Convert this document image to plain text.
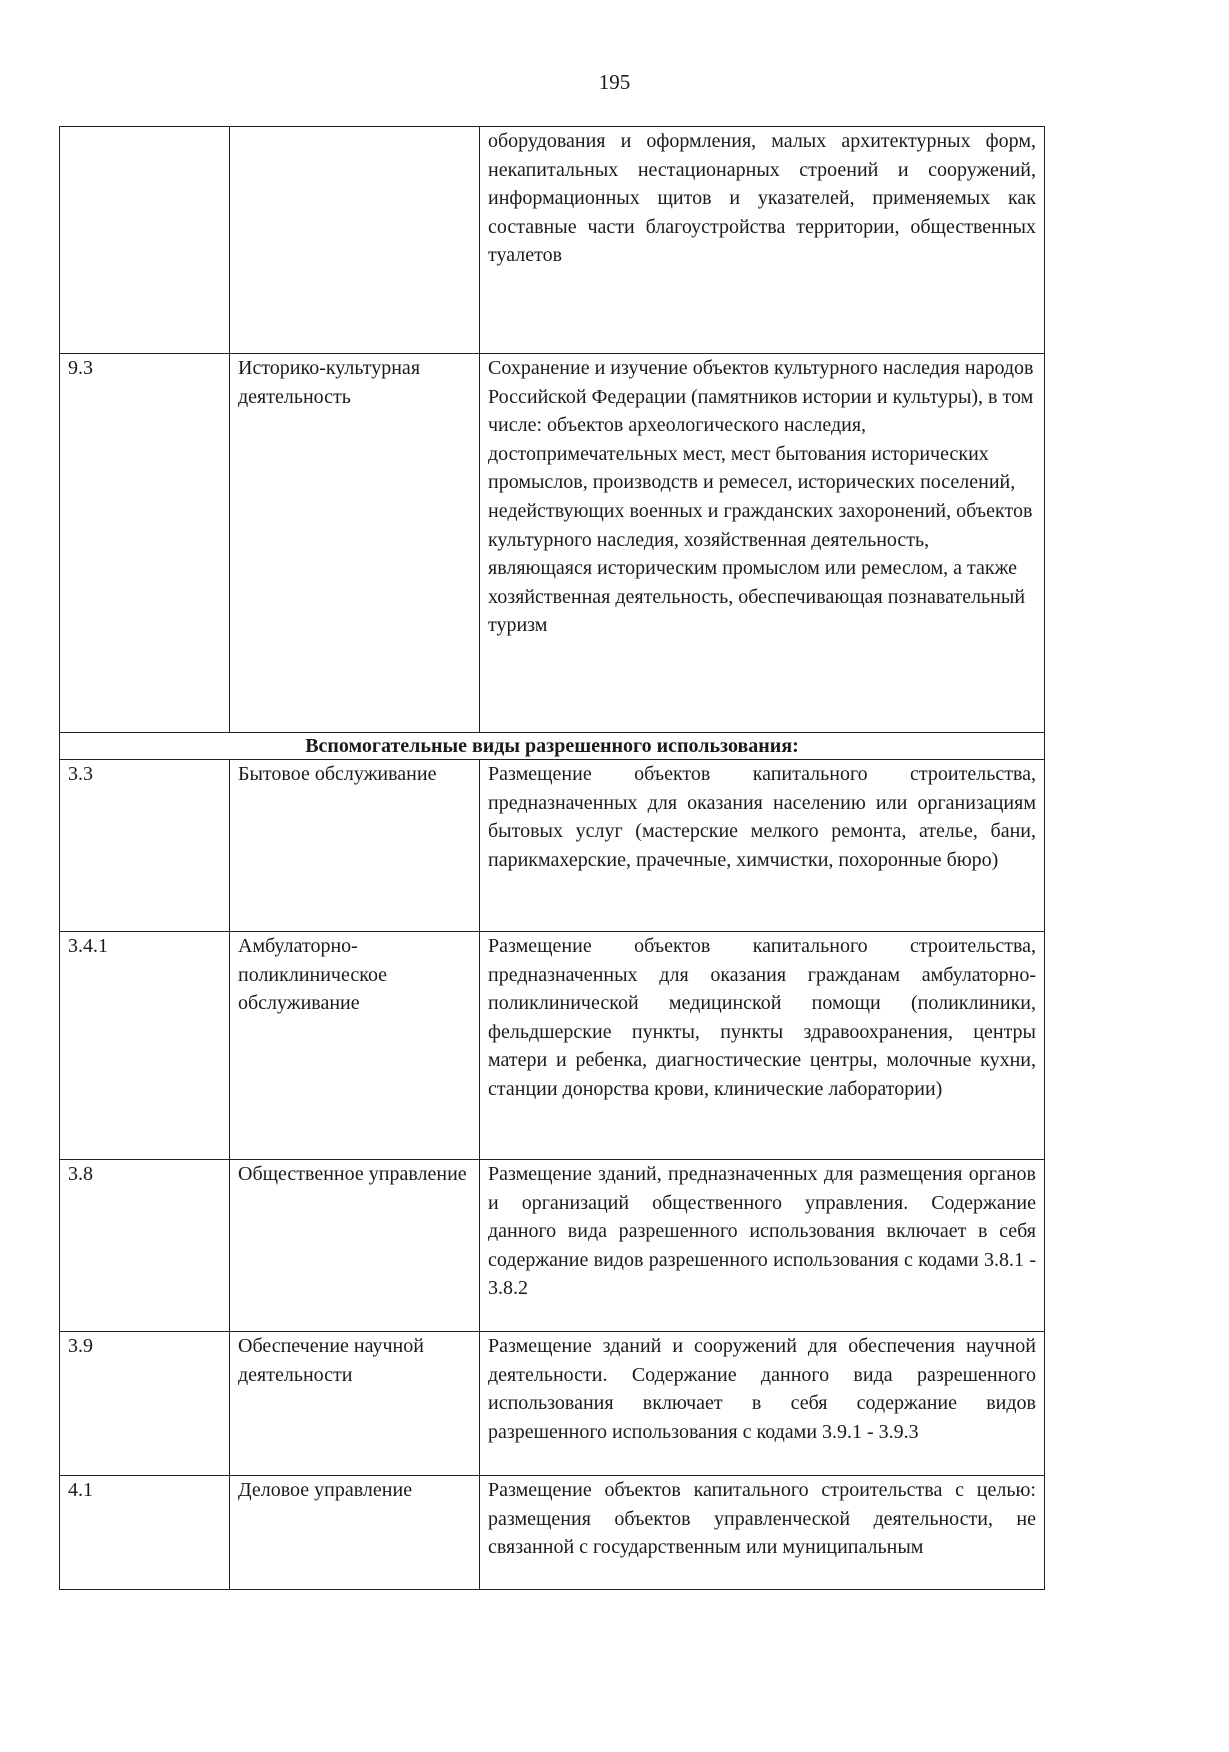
195
		оборудования и оформления, малых архитектурных форм, некапитальных нестационарных строений и сооружений, информационных щитов и указателей, применяемых как составные части благоустройства территории, общественных туалетов
9.3	Историко-культурная деятельность	Сохранение и изучение объектов культурного наследия народов Российской Федерации (памятников истории и культуры), в том числе: объектов археологического наследия, достопримечательных мест, мест бытования исторических промыслов, производств и ремесел, исторических поселений, недействующих военных и гражданских захоронений, объектов культурного наследия, хозяйственная деятельность, являющаяся историческим промыслом или ремеслом, а также хозяйственная деятельность, обеспечивающая познавательный туризм
Вспомогательные виды разрешенного использования:		
3.3	Бытовое обслуживание	Размещение объектов капитального строительства, предназначенных для оказания населению или организациям бытовых услуг (мастерские мелкого ремонта, ателье, бани, парикмахерские, прачечные, химчистки, похоронные бюро)
3.4.1	Амбулаторно-поликлиническое обслуживание	Размещение объектов капитального строительства, предназначенных для оказания гражданам амбулаторно-поликлинической медицинской помощи (поликлиники, фельдшерские пункты, пункты здравоохранения, центры матери и ребенка, диагностические центры, молочные кухни, станции донорства крови, клинические лаборатории)
3.8	Общественное управление	Размещение зданий, предназначенных для размещения органов и организаций общественного управления. Содержание данного вида разрешенного использования включает в себя содержание видов разрешенного использования с кодами 3.8.1 - 3.8.2
3.9	Обеспечение научной деятельности	Размещение зданий и сооружений для обеспечения научной деятельности. Содержание данного вида разрешенного использования включает в себя содержание видов разрешенного использования с кодами 3.9.1 - 3.9.3
4.1	Деловое управление	Размещение объектов капитального строительства с целью: размещения объектов управленческой деятельности, не связанной с государственным или муниципальным
